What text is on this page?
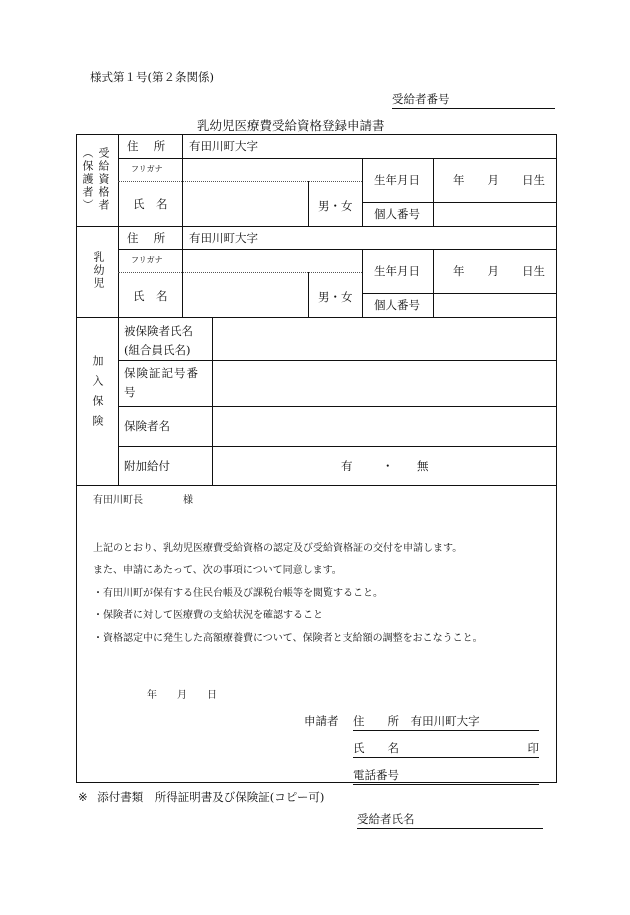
様式第１号(第２条関係)
受給者番号
乳幼児医療費受給資格登録申請書
受給資格者（保護者）
住　 所 有田川町大字
フリガナ
氏　名	男・女
生年月日	年　　月　　日生
個人番号
乳幼児
住　 所 有田川町大字
フリガナ
氏　名	男・女
生年月日	年　　月　　日生
個人番号
加入保険
被保険者氏名
(組合員氏名)
保険証記号番
号
保険者名
附加給付	有	・ 無
有田川町長　　　　様
上記のとおり、乳幼児医療費受給資格の認定及び受給資格証の交付を申請します。
また、申請にあたって、次の事項について同意します。
・有田川町が保有する住民台帳及び課税台帳等を閲覧すること。
・保険者に対して医療費の支給状況を確認すること
・資格認定中に発生した高額療養費について、保険者と支給額の調整をおこなうこと。
年　　月　　日
申請者 住　　所 有田川町大字
氏　　名	印
電話番号
※ 添付書類　所得証明書及び保険証(コピー可)
受給者氏名
